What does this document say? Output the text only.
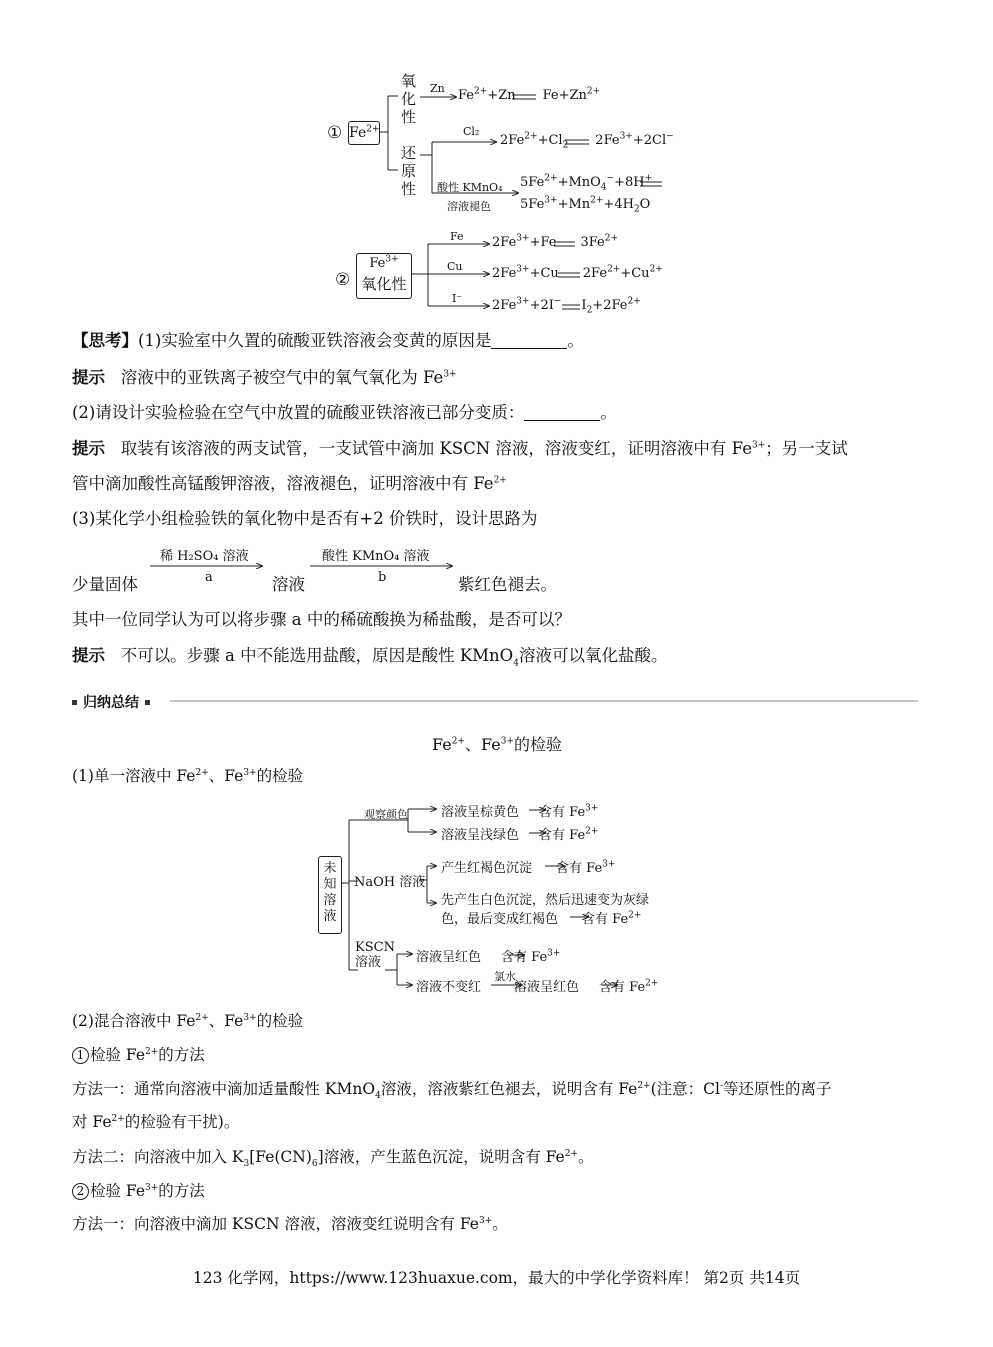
① $Fe^{2+}$
氧化性
还原性
Zn $Fe^{2+}+Zn$ $Fe+Zn^{2+}$
Cl₂
$2Fe^{2+}+Cl_2$ $2Fe^{3+}+2Cl^-$
酸性 KMnO₄
溶液褪色
$5Fe^{2+}+MnO_4^-+8H^+$
$5Fe^{3+}+Mn^{2+}+4H_2O$
②
$Fe^{3+}$
氧化性
Fe $2Fe^{3+}+Fe$ $3Fe^{2+}$
Cu $2Fe^{3+}+Cu$ $2Fe^{2+}+Cu^{2+}$
I⁻ $2Fe^{3+}+2I^-$ $I_2+2Fe^{2+}$
【思考】(1)实验室中久置的硫酸亚铁溶液会变黄的原因是	。
提示 溶液中的亚铁离子被空气中的氧气氧化为 $Fe^{3+}$
(2)请设计实验检验在空气中放置的硫酸亚铁溶液已部分变质：	。
提示 取装有该溶液的两支试管，一支试管中滴加 KSCN 溶液，溶液变红，证明溶液中有 $Fe^{3+}$；另一支试
管中滴加酸性高锰酸钾溶液，溶液褪色，证明溶液中有 $Fe^{2+}$
(3)某化学小组检验铁的氧化物中是否有+2 价铁时，设计思路为
稀 H₂SO₄ 溶液
a
酸性 KMnO₄ 溶液
b
少量固体	溶液	紫红色褪去。
其中一位同学认为可以将步骤 a 中的稀硫酸换为稀盐酸，是否可以？
提示 不可以。步骤 a 中不能选用盐酸，原因是酸性 KMnO$_4$溶液可以氧化盐酸。
归纳总结
$Fe^{2+}$、$Fe^{3+}$的检验
(1)单一溶液中 $Fe^{2+}$、$Fe^{3+}$的检验
未知溶液
观察颜色	溶液呈棕黄色 含有 $Fe^{3+}$
溶液呈浅绿色 含有 $Fe^{2+}$
NaOH 溶液
产生红褐色沉淀 含有 $Fe^{3+}$
先产生白色沉淀，然后迅速变为灰绿
色，最后变成红褐色 含有 $Fe^{2+}$
KSCN
溶液	溶液呈红色 含有 $Fe^{3+}$
氯水
溶液不变红	溶液呈红色 含有 $Fe^{2+}$
(2)混合溶液中 $Fe^{2+}$、$Fe^{3+}$的检验
1 检验 $Fe^{2+}$的方法
方法一：通常向溶液中滴加适量酸性 KMnO$_4$溶液，溶液紫红色褪去，说明含有 $Fe^{2+}$(注意：Cl-等还原性的离子
对 $Fe^{2+}$的检验有干扰)。
方法二：向溶液中加入 $K_3[Fe(CN)_6]$溶液，产生蓝色沉淀，说明含有 $Fe^{2+}$。
2 检验 $Fe^{3+}$的方法
方法一：向溶液中滴加 KSCN 溶液，溶液变红说明含有 $Fe^{3+}$。
123 化学网，https://www.123huaxue.com，最大的中学化学资料库！ 第2页 共14页
